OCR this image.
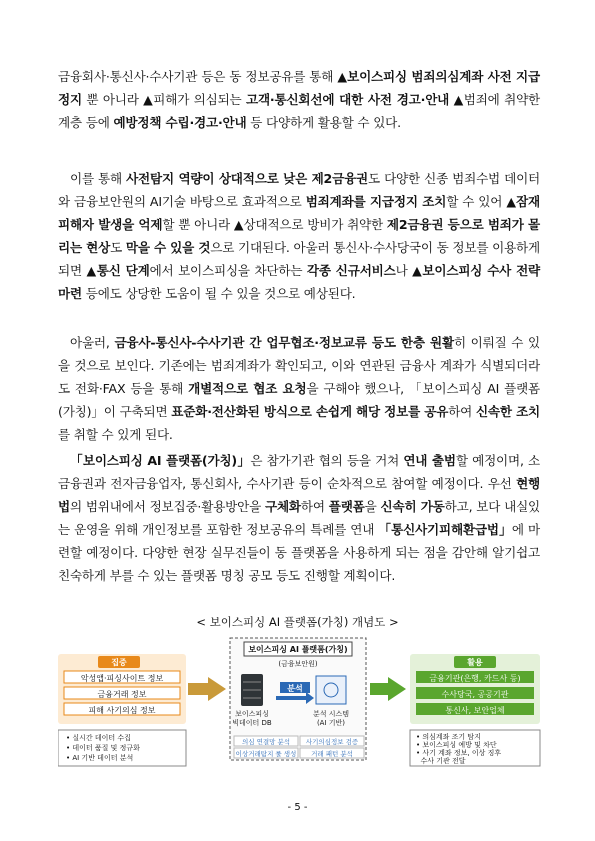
금융회사·통신사·수사기관 등은 동 정보공유를 통해 ▲보이스피싱 범죄의심계좌 사전 지급정지 뿐 아니라 ▲피해가 의심되는 고객·통신회선에 대한 사전 경고·안내 ▲범죄에 취약한 계층 등에 예방정책 수립·경고·안내 등 다양하게 활용할 수 있다.

이를 통해 사전탐지 역량이 상대적으로 낮은 제2금융권도 다양한 신종 범죄수법 데이터와 금융보안원의 AI기술 바탕으로 효과적으로 범죄계좌를 지급정지 조치할 수 있어 ▲잠재 피해자 발생을 억제할 뿐 아니라 ▲상대적으로 방비가 취약한 제2금융권 등으로 범죄가 몰리는 현상도 막을 수 있을 것으로 기대된다. 아울러 통신사·수사당국이 동 정보를 이용하게 되면 ▲통신 단계에서 보이스피싱을 차단하는 각종 신규서비스나 ▲보이스피싱 수사 전략 마련 등에도 상당한 도움이 될 수 있을 것으로 예상된다.

아울러, 금융사-통신사-수사기관 간 업무협조·정보교류 등도 한층 원활히 이뤄질 수 있을 것으로 보인다. 기존에는 범죄계좌가 확인되고, 이와 연관된 금융사 계좌가 식별되더라도 전화·FAX 등을 통해 개별적으로 협조 요청을 구해야 했으나, 「보이스피싱 AI 플랫폼(가칭)」이 구축되면 표준화·전산화된 방식으로 손쉽게 해당 정보를 공유하여 신속한 조치를 취할 수 있게 된다.

「보이스피싱 AI 플랫폼(가칭)」은 참가기관 협의 등을 거쳐 연내 출범할 예정이며, 소금융권과 전자금융업자, 통신회사, 수사기관 등이 순차적으로 참여할 예정이다. 우선 현행법의 범위내에서 정보집중·활용방안을 구체화하여 플랫폼을 신속히 가동하고, 보다 내실있는 운영을 위해 개인정보를 포함한 정보공유의 특례를 연내 「통신사기피해환급법」에 마련할 예정이다. 다양한 현장 실무진들이 동 플랫폼을 사용하게 되는 점을 감안해 알기쉽고 친숙하게 부를 수 있는 플랫폼 명칭 공모 등도 진행할 계획이다.

< 보이스피싱 AI 플랫폼(가칭) 개념도 >
집중
악성앱·피싱사이트 정보
금융거래 정보
피해 사기의심 정보
보이스피싱 AI 플랫폼(가칭)
(금융보안원)
보이스피싱
빅데이터 DB
분석
분석 시스템
(AI 기반)
의심 연결망 분석	사기의심정보 검증
이상거래탐지 룰 생성	거래 패턴 분석
활용
금융기관(은행, 카드사 등)
수사당국, 공공기관
통신사, 보안업체
• 실시간 데이터 수집
• 데이터 품질 및 정규화
• AI 기반 데이터 분석
• 의심계좌 조기 탐지
• 보이스피싱 예방 및 차단
• 사기 계좌 정보, 이상 징후
수사 기관 전달
- 5 -
